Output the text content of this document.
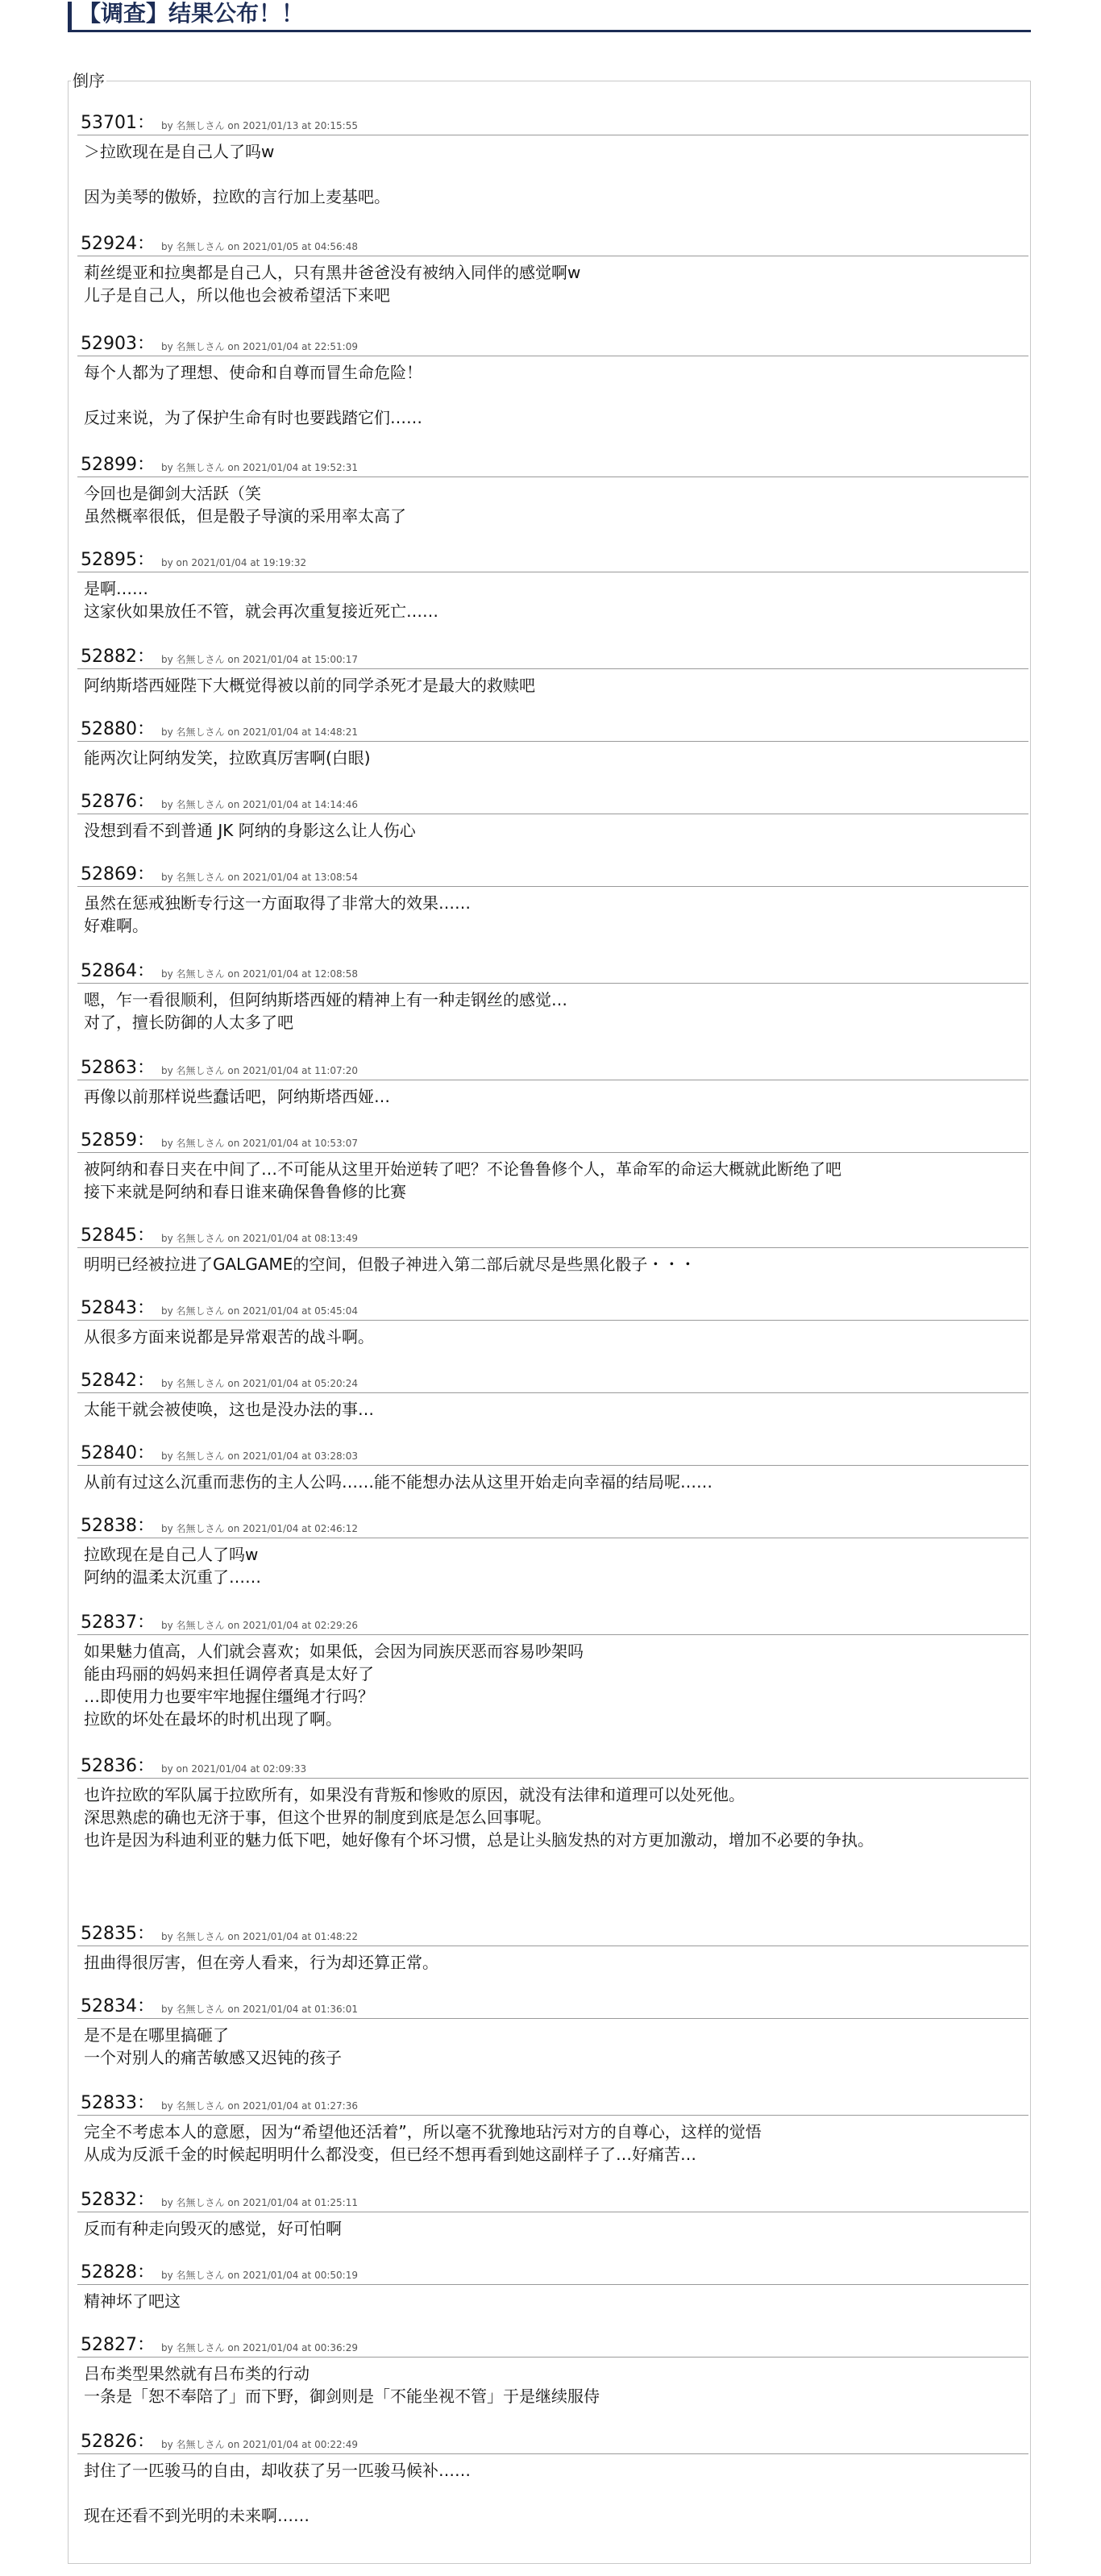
【调查】结果公布！！
倒序
53701： by 名無しさん on 2021/01/13 at 20:15:55
＞拉欧现在是自己人了吗w
因为美琴的傲娇，拉欧的言行加上麦基吧。
52924： by 名無しさん on 2021/01/05 at 04:56:48
莉丝缇亚和拉奥都是自己人，只有黑井爸爸没有被纳入同伴的感觉啊w
儿子是自己人，所以他也会被希望活下来吧
52903： by 名無しさん on 2021/01/04 at 22:51:09
每个人都为了理想、使命和自尊而冒生命危险！
反过来说，为了保护生命有时也要践踏它们……
52899： by 名無しさん on 2021/01/04 at 19:52:31
今回也是御剑大活跃（笑
虽然概率很低，但是骰子导演的采用率太高了
52895： by on 2021/01/04 at 19:19:32
是啊……
这家伙如果放任不管，就会再次重复接近死亡……
52882： by 名無しさん on 2021/01/04 at 15:00:17
阿纳斯塔西娅陛下大概觉得被以前的同学杀死才是最大的救赎吧
52880： by 名無しさん on 2021/01/04 at 14:48:21
能两次让阿纳发笑，拉欧真厉害啊(白眼)
52876： by 名無しさん on 2021/01/04 at 14:14:46
没想到看不到普通 JK 阿纳的身影这么让人伤心
52869： by 名無しさん on 2021/01/04 at 13:08:54
虽然在惩戒独断专行这一方面取得了非常大的效果……
好难啊。
52864： by 名無しさん on 2021/01/04 at 12:08:58
嗯，乍一看很顺利，但阿纳斯塔西娅的精神上有一种走钢丝的感觉…
对了，擅长防御的人太多了吧
52863： by 名無しさん on 2021/01/04 at 11:07:20
再像以前那样说些蠢话吧，阿纳斯塔西娅…
52859： by 名無しさん on 2021/01/04 at 10:53:07
被阿纳和春日夹在中间了…不可能从这里开始逆转了吧？不论鲁鲁修个人，革命军的命运大概就此断绝了吧
接下来就是阿纳和春日谁来确保鲁鲁修的比赛
52845： by 名無しさん on 2021/01/04 at 08:13:49
明明已经被拉进了GALGAME的空间，但骰子神进入第二部后就尽是些黑化骰子・・・
52843： by 名無しさん on 2021/01/04 at 05:45:04
从很多方面来说都是异常艰苦的战斗啊。
52842： by 名無しさん on 2021/01/04 at 05:20:24
太能干就会被使唤，这也是没办法的事…
52840： by 名無しさん on 2021/01/04 at 03:28:03
从前有过这么沉重而悲伤的主人公吗……能不能想办法从这里开始走向幸福的结局呢……
52838： by 名無しさん on 2021/01/04 at 02:46:12
拉欧现在是自己人了吗w
阿纳的温柔太沉重了……
52837： by 名無しさん on 2021/01/04 at 02:29:26
如果魅力值高，人们就会喜欢；如果低，会因为同族厌恶而容易吵架吗
能由玛丽的妈妈来担任调停者真是太好了
…即使用力也要牢牢地握住缰绳才行吗？
拉欧的坏处在最坏的时机出现了啊。
52836： by on 2021/01/04 at 02:09:33
也许拉欧的军队属于拉欧所有，如果没有背叛和惨败的原因，就没有法律和道理可以处死他。
深思熟虑的确也无济于事，但这个世界的制度到底是怎么回事呢。
也许是因为科迪利亚的魅力低下吧，她好像有个坏习惯，总是让头脑发热的对方更加激动，增加不必要的争执。
52835： by 名無しさん on 2021/01/04 at 01:48:22
扭曲得很厉害，但在旁人看来，行为却还算正常。
52834： by 名無しさん on 2021/01/04 at 01:36:01
是不是在哪里搞砸了
一个对别人的痛苦敏感又迟钝的孩子
52833： by 名無しさん on 2021/01/04 at 01:27:36
完全不考虑本人的意愿，因为“希望他还活着”，所以毫不犹豫地玷污对方的自尊心，这样的觉悟
从成为反派千金的时候起明明什么都没变，但已经不想再看到她这副样子了…好痛苦…
52832： by 名無しさん on 2021/01/04 at 01:25:11
反而有种走向毁灭的感觉，好可怕啊
52828： by 名無しさん on 2021/01/04 at 00:50:19
精神坏了吧这
52827： by 名無しさん on 2021/01/04 at 00:36:29
吕布类型果然就有吕布类的行动
一条是「恕不奉陪了」而下野，御剑则是「不能坐视不管」于是继续服侍
52826： by 名無しさん on 2021/01/04 at 00:22:49
封住了一匹骏马的自由，却收获了另一匹骏马候补……
现在还看不到光明的未来啊……
